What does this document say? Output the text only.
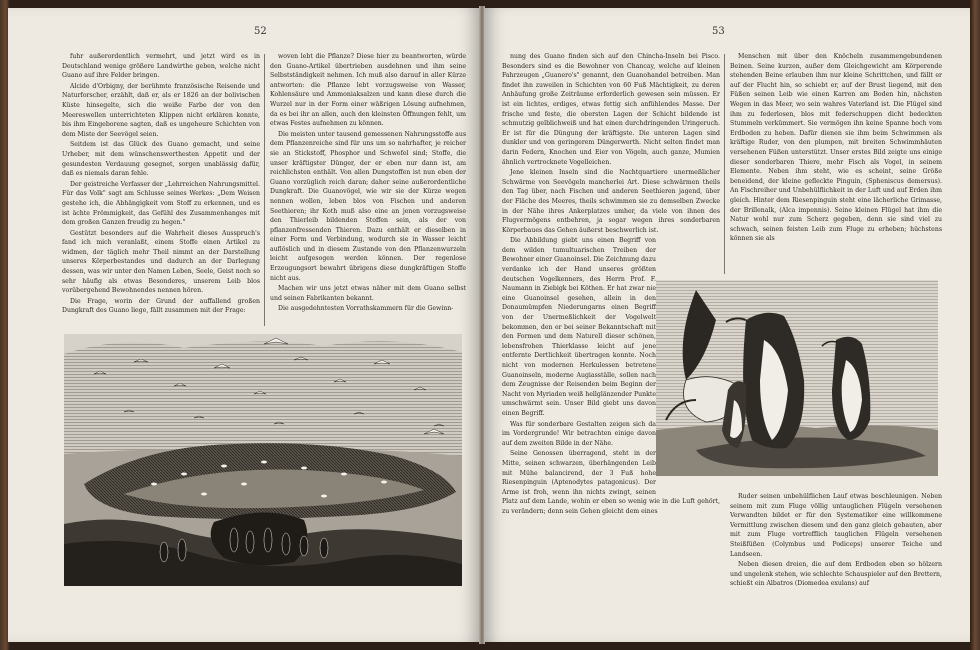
52

fuhr außerordentlich vermehrt, und jetzt wird es in Deutschland wenige größere Landwirthe geben, welche nicht Guano auf ihre Felder bringen.

Alcide d'Orbigny, der berühmte französische Reisende und Naturforscher, erzählt, daß er, als er 1826 an der bolivischen Küste hinsegelte, sich die weiße Farbe der von den Meereswellen unterrichteten Klippen nicht erklären konnte, bis ihm Eingeborene sagten, daß es ungeheure Schichten von dem Miste der Seevögel seien.

Seitdem ist das Glück des Guano gemacht, und seine Urheber, mit dem wünschenswerthesten Appetit und der gesundesten Verdauung gesegnet, sorgen unablässig dafür, daß es niemals daran fehle.

Der geistreiche Verfasser der „Lehrreichen Nahrungsmittel. Für das Volk" sagt am Schlusse seines Werkes: „Dem Weisen gestehe ich, die Abhängigkeit vom Stoff zu erkennen, und es ist ächte Frömmigkeit, das Gefühl des Zusammenhanges mit dem großen Ganzen freudig zu hegen."

Gestützt besonders auf die Wahrheit dieses Ausspruch's fand ich mich veranlaßt, einem Stoffe einen Artikel zu widmen, der täglich mehr Theil nimmt an der Darstellung unseres Körperbestandes und dadurch an der Darlegung dessen, was wir unter den Namen Leben, Seele, Geist noch so sehr häufig als etwas Besonderes, unserem Leib blos vorübergehend Bewohnendes nennen hören.

Die Frage, worin der Grund der auffallend großen Dungkraft des Guano liege, fällt zusammen mit der Frage:

woven lebt die Pflanze? Diese hier zu beantworten, würde den Guano-Artikel übertrieben ausdehnen und ihm seine Selbstständigkeit nehmen. Ich muß also darauf in aller Kürze antworten: die Pflanze lebt vorzugsweise von Wasser, Kohlensäure und Ammoniaksalzen und kann diese durch die Wurzel nur in der Form einer wäßrigen Lösung aufnehmen, da es bei ihr an allen, auch den kleinsten Öffnungen fehlt, um etwas Festes aufnehmen zu können.

Die meisten unter tausend gemessenen Nahrungsstoffe aus dem Pflanzenreiche sind für uns um so nahrhafter, je reicher sie an Stickstoff, Phosphor und Schwefel sind; Stoffe, die unser kräftigster Dünger, der er eben nur dann ist, am reichlichsten enthält. Von allen Dungstoffen ist nun eben der Guano vorzüglich reich daran; daher seine außerordentliche Dungkraft. Die Guanovögel, wie wir sie der Kürze wegen nennen wollen, leben blos von Fischen und anderen Seethieren; ihr Koth muß also eine an jenen vorzugsweise den Thierleib bildenden Stoffen sein, als der von pflanzenfressenden Thieren. Dazu enthält er dieselben in einer Form und Verbindung, wodurch sie in Wasser leicht auflöslich und in diesem Zustande von den Pflanzenwurzeln leicht aufgesogen werden können. Der regenlose Erzeugungsort bewahrt übrigens diese dungkräftigen Stoffe nicht aus.

Machen wir uns jetzt etwas näher mit dem Guano selbst und seinen Fabrikanten bekannt.

Die ausgedehntesten Vorrathskammern für die Gewinn-

53

nung des Guano finden sich auf den Chincha-Inseln bei Pisco. Besonders sind es die Bewohner von Chancay, welche auf kleinen Fahrzeugen „Guanero's" genannt, den Guanohandel betreiben. Man findet ihn zuweilen in Schichten von 60 Fuß Mächtigkeit, zu deren Anhäufung große Zeiträume erforderlich gewesen sein müssen. Er ist ein lichtes, erdiges, etwas fettig sich anfühlendes Masse. Der frische und feste, die obersten Lagen der Schicht bildende ist schmutzig gelblichweiß und hat einen durchdringenden Uringeruch. Er ist für die Düngung der kräftigste. Die unteren Lagen sind dunkler und von geringerem Düngerwerth. Nicht selten findet man darin Federn, Knochen und Eier von Vögeln, auch ganze, Mumien ähnlich vertrocknete Vogelleichen.

Jene kleinen Inseln sind die Nachtquartiere unermeßlicher Schwärme von Seevögeln mancherlei Art. Diese schwärmen theils den Tag über, nach Fischen und anderen Seethieren jagend, über der Fläche des Meeres, theils schwimmen sie zu demselben Zwecke in der Nähe ihres Ankerplatzes umher, da viele von ihnen des Flugvermögens entbehren, ja sogar wegen ihres sonderbaren Körperbaues das Gehen äußerst beschwerlich ist.

Die Abbildung giebt uns einen Begriff von dem wilden tumultuarischen Treiben der Bewohner einer Guanoinsel. Die Zeichnung dazu verdanke ich der Hand unseres größten deutschen Vogelkenners, des Herrn Prof. F. Naumann in Ziebigk bei Köthen. Er hat zwar nie eine Guanoinsel gesehen, allein in den Donaumümpfen Niederungarns einen Begriff von der Unermeßlichkeit der Vogelwelt bekommen, den er bei seiner Bekanntschaft mit den Formen und dem Naturell dieser schönen, lebensfrohen Thierklasse leicht auf jene entfernte Dertlichkeit übertragen konnte. Noch nicht von modernen Herkulessen betretene Guanoinseln, moderne Augiasställe, sollen nach dem Zeugnisse der Reisenden beim Beginn der Nacht von Myriaden weiß hellglänzender Punkte umschwärmt sein. Unser Bild giebt uns davon einen Begriff.

Was für sonderbare Gestalten zeigen sich da im Vordergrunde! Wir betrachten einige davon auf dem zweiten Bilde in der Nähe.

Seine Genossen überragend, steht in der Mitte, seinen schwarzen, überhängenden Leib mit Mühe balancirend, der 3 Fuß hohe Riesenpinguin (Aptenodytes patagonicus). Der Arme ist froh, wenn ihn nichts zwingt, seinen Platz auf dem Lande, wohin er eben so wenig wie in die Luft gehört, zu verändern; denn sein Gehen gleicht dem eines

Menschen mit über den Knöcheln zusammengebundenen Beinen. Seine kurzen, außer dem Gleichgewicht am Körperende stehenden Beine erlauben ihm nur kleine Schrittchen, und fällt er auf der Flucht hin, so schiebt er, auf der Brust liegend, mit den Füßen seinen Leib wie einen Karren am Boden hin, nächsten Wegen in das Meer, wo sein wahres Vaterland ist. Die Flügel sind ihm zu federlosen, blos mit federschuppen dicht bedeckten Stummeln verkümmert. Sie vermögen ihn keine Spanne hoch vom Erdboden zu heben. Dafür dienen sie ihm beim Schwimmen als kräftige Ruder, von den plumpen, mit breiten Schwimmhäuten versehenen Füßen unterstützt. Unser erstes Bild zeigte uns einige dieser sonderbaren Thiere, mehr Fisch als Vogel, in seinem Elemente. Neben ihm steht, wie es scheint, seine Größe beneidend, der kleine gefleckte Pinguin, (Spheniscus demersus). An Fischreiher und Unbehülflichkeit in der Luft und auf Erden ihm gleich. Hinter dem Riesenpinguin steht eine lächerliche Grimasse, der Brillenalk, (Alca impennis). Seine kleinen Flügel hat ihm die Natur wohl nur zum Scherz gegeben, denn sie sind viel zu schwach, seinen feisten Leib zum Fluge zu erheben; hüchstens können sie als

Ruder seinen unbehülflichen Lauf etwas beschleunigen. Neben seinem mit zum Fluge völlig untauglichen Flügeln versehenen Verwandten bildet er für den Systematiker eine willkommene Vermittlung zwischen diesem und den ganz gleich gebauten, aber mit zum Fluge vortrefflich tauglichen Flügeln versehenen Steißfüßen (Colymbus und Podiceps) unserer Teiche und Landseen.

Neben diesen dreien, die auf dem Erdboden eben so hölzern und ungelenk stehen, wie schlechte Schauspieler auf den Brettern, schießt ein Albatros (Diomedea exulans) auf
